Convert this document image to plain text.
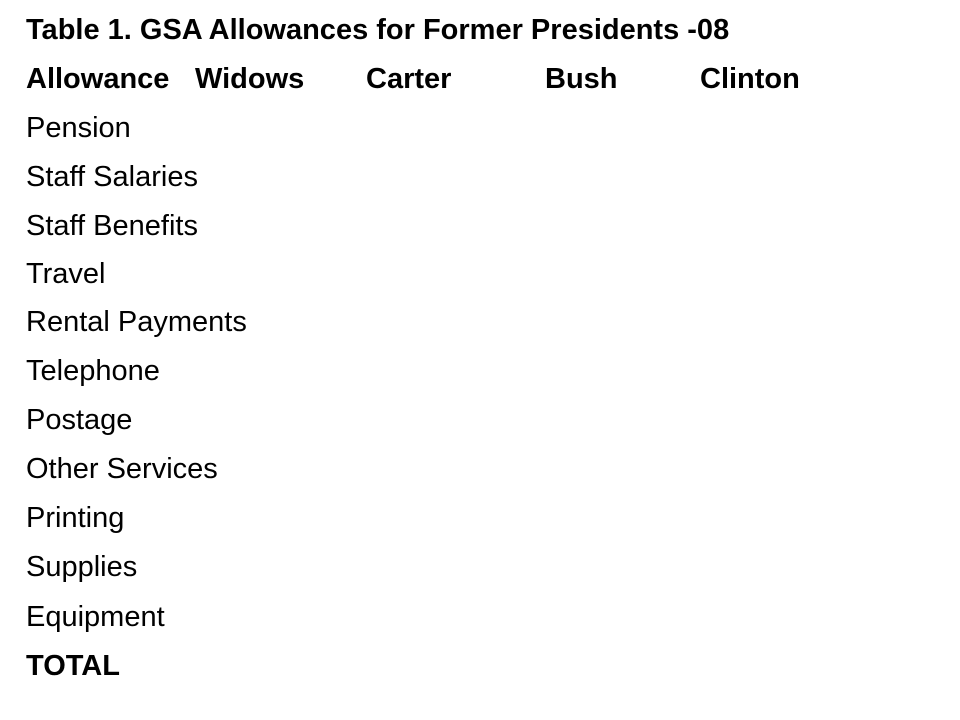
Table 1. GSA Allowances for Former Presidents -08
Allowance Widows Carter	Bush	Clinton
Pension
Staff Salaries
Staff Benefits
Travel
Rental Payments
Telephone
Postage
Other Services
Printing
Supplies
Equipment
TOTAL
